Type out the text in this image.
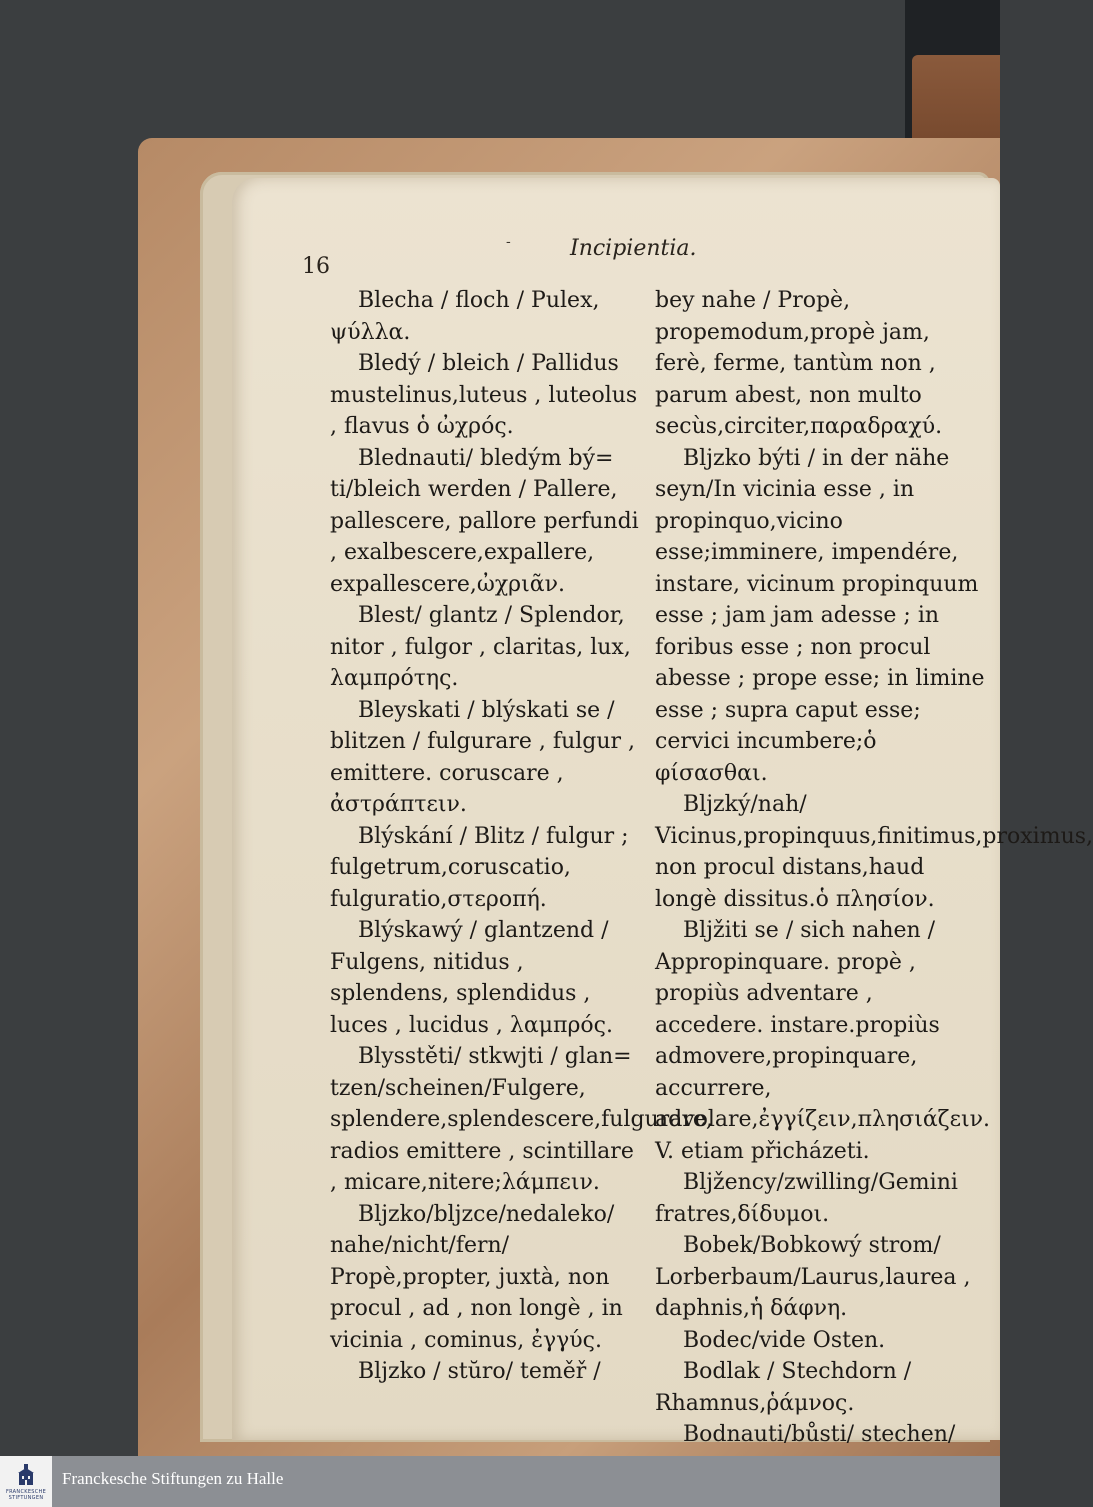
16
-	Incipientia.

Blecha / floch / Pulex, ψύλλα.

Bledý / bleich / Pallidus mustelinus,luteus , luteolus , flavus ὁ ὠχρός.

Blednauti/ bledým bý= ti/bleich werden / Pallere, pallescere, pallore perfundi , exalbescere,expallere, expallescere,ὠχριᾶν.

Blest/ glantz / Splendor, nitor , fulgor , claritas, lux, λαμπρότης.

Bleyskati / blýskati se / blitzen / fulgurare , fulgur , emittere. coruscare , ἀστράπτειν.

Blýskání / Blitz / fulgur ; fulgetrum,coruscatio, fulguratio,στεροπή.

Blýskawý / glantzend / Fulgens, nitidus , splendens, splendidus , luces , lucidus , λαμπρός.

Blysstěti/ stkwjti / glan= tzen/scheinen/Fulgere, splendere,splendescere,fulgurare, radios emittere , scintillare , micare,nitere;λάμπειν.

Bljzko/bljzce/nedaleko/ nahe/nicht/fern/ Propè,propter, juxtà, non procul , ad , non longè , in vicinia , cominus, ἐγγύς.

Bljzko / stŭro/ teměř /

bey nahe / Propè, propemodum,propè jam, ferè, ferme, tantùm non , parum abest, non multo secùs,circiter,παραδραχύ.

Bljzko býti / in der nähe seyn/In vicinia esse , in propinquo,vicino esse;imminere, impendére, instare, vicinum propinquum esse ; jam jam adesse ; in foribus esse ; non procul abesse ; prope esse; in limine esse ; supra caput esse; cervici incumbere;ὁ φίσασθαι.

Bljzký/nah/ Vicinus,propinquus,finitimus,proximus, non procul distans,haud longè dissitus.ὁ πλησίον.

Bljžiti se / sich nahen / Appropinquare. propè , propiùs adventare , accedere. instare.propiùs admovere,propinquare, accurrere, advolare,ἐγγίζειν,πλησιάζειν. V. etiam přicházeti.

Bljžency/zwilling/Gemini fratres,δίδυμοι.

Bobek/Bobkowý strom/ Lorberbaum/Laurus,laurea , daphnis,ἡ δάφνη.

Bodec/vide Osten.

Bodlak / Stechdorn / Rhamnus,ῥάμνος.

Bodnauti/bůsti/ stechen/

FRANCKESCHE STIFTUNGEN
Franckesche Stiftungen zu Halle
